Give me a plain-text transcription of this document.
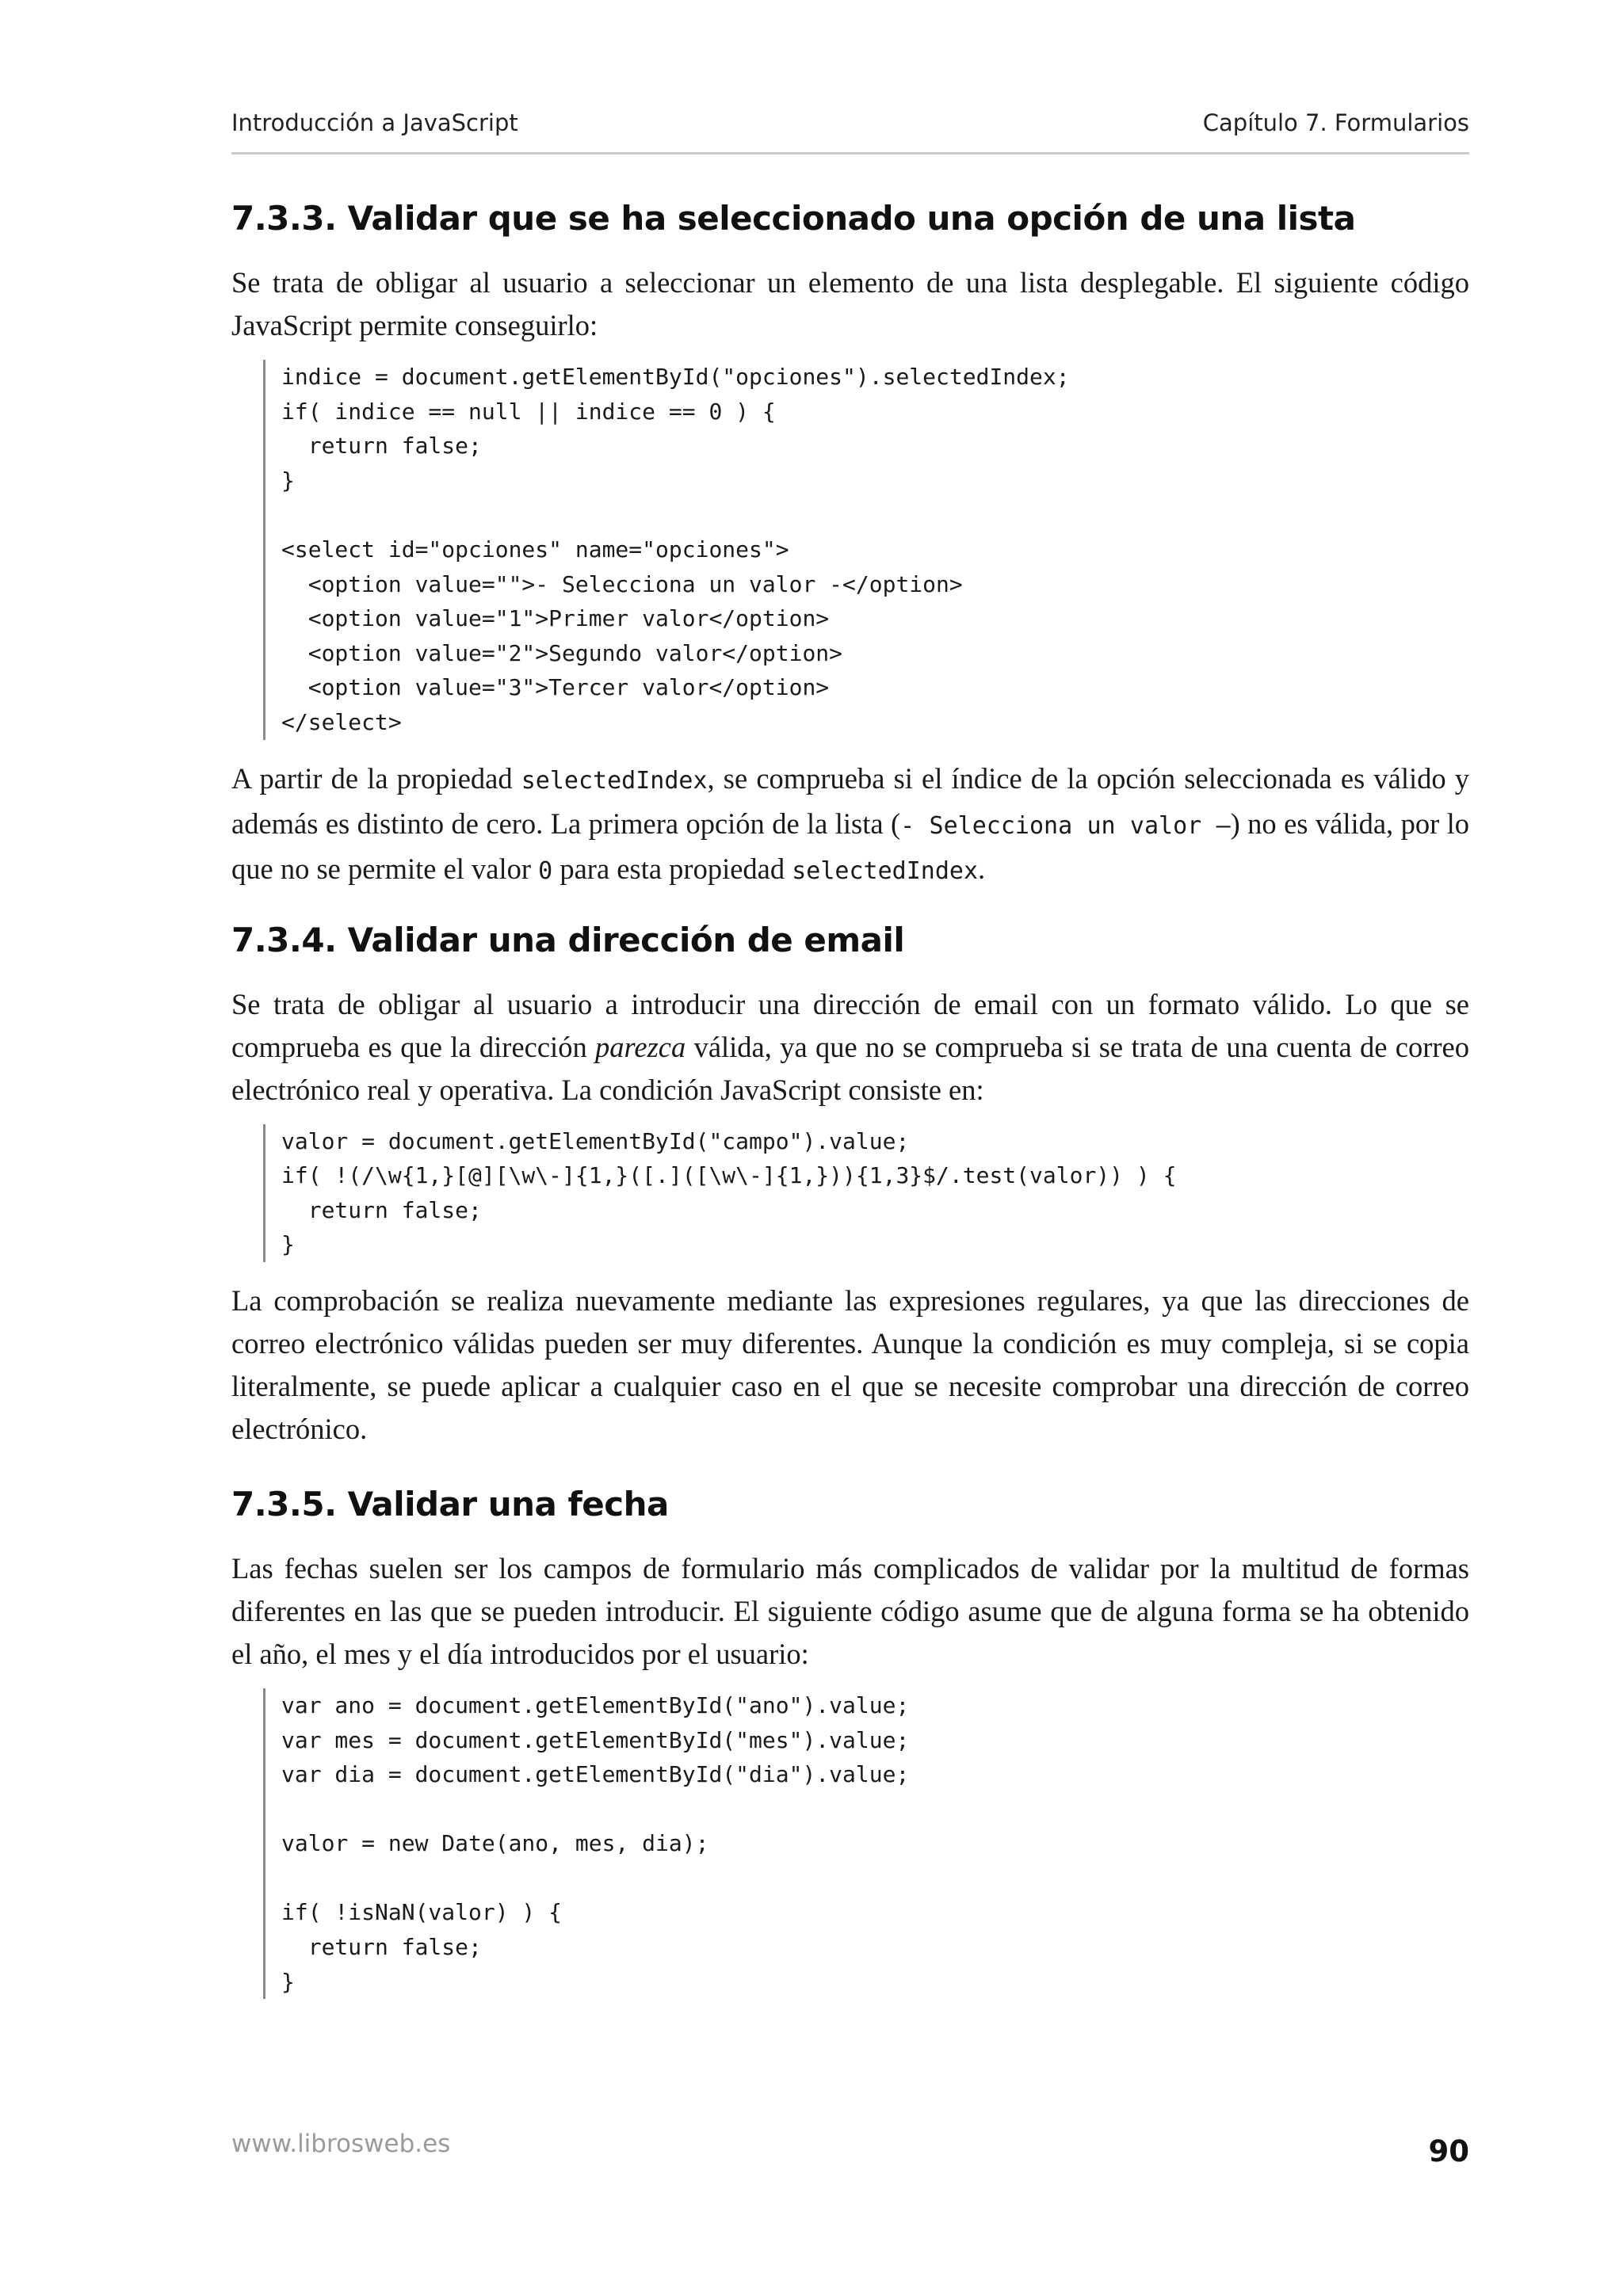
Introducción a JavaScript	Capítulo 7. Formularios
7.3.3. Validar que se ha seleccionado una opción de una lista

Se trata de obligar al usuario a seleccionar un elemento de una lista desplegable. El siguiente código JavaScript permite conseguirlo:

indice = document.getElementById("opciones").selectedIndex;
if( indice == null || indice == 0 ) {
return false;
}

<select id="opciones" name="opciones">
<option value="">- Selecciona un valor -</option>
<option value="1">Primer valor</option>
<option value="2">Segundo valor</option>
<option value="3">Tercer valor</option>
</select>

A partir de la propiedad selectedIndex, se comprueba si el índice de la opción seleccionada es válido y además es distinto de cero. La primera opción de la lista (- Selecciona un valor –) no es válida, por lo que no se permite el valor 0 para esta propiedad selectedIndex.

7.3.4. Validar una dirección de email

Se trata de obligar al usuario a introducir una dirección de email con un formato válido. Lo que se comprueba es que la dirección parezca válida, ya que no se comprueba si se trata de una cuenta de correo electrónico real y operativa. La condición JavaScript consiste en:

valor = document.getElementById("campo").value;
if( !(/\w{1,}[@][\w\-]{1,}([.]([\w\-]{1,})){1,3}$/.test(valor)) ) {
return false;
}

La comprobación se realiza nuevamente mediante las expresiones regulares, ya que las direcciones de correo electrónico válidas pueden ser muy diferentes. Aunque la condición es muy compleja, si se copia literalmente, se puede aplicar a cualquier caso en el que se necesite comprobar una dirección de correo electrónico.

7.3.5. Validar una fecha

Las fechas suelen ser los campos de formulario más complicados de validar por la multitud de formas diferentes en las que se pueden introducir. El siguiente código asume que de alguna forma se ha obtenido el año, el mes y el día introducidos por el usuario:

var ano = document.getElementById("ano").value;
var mes = document.getElementById("mes").value;
var dia = document.getElementById("dia").value;

valor = new Date(ano, mes, dia);

if( !isNaN(valor) ) {
return false;
}
www.librosweb.es	90
